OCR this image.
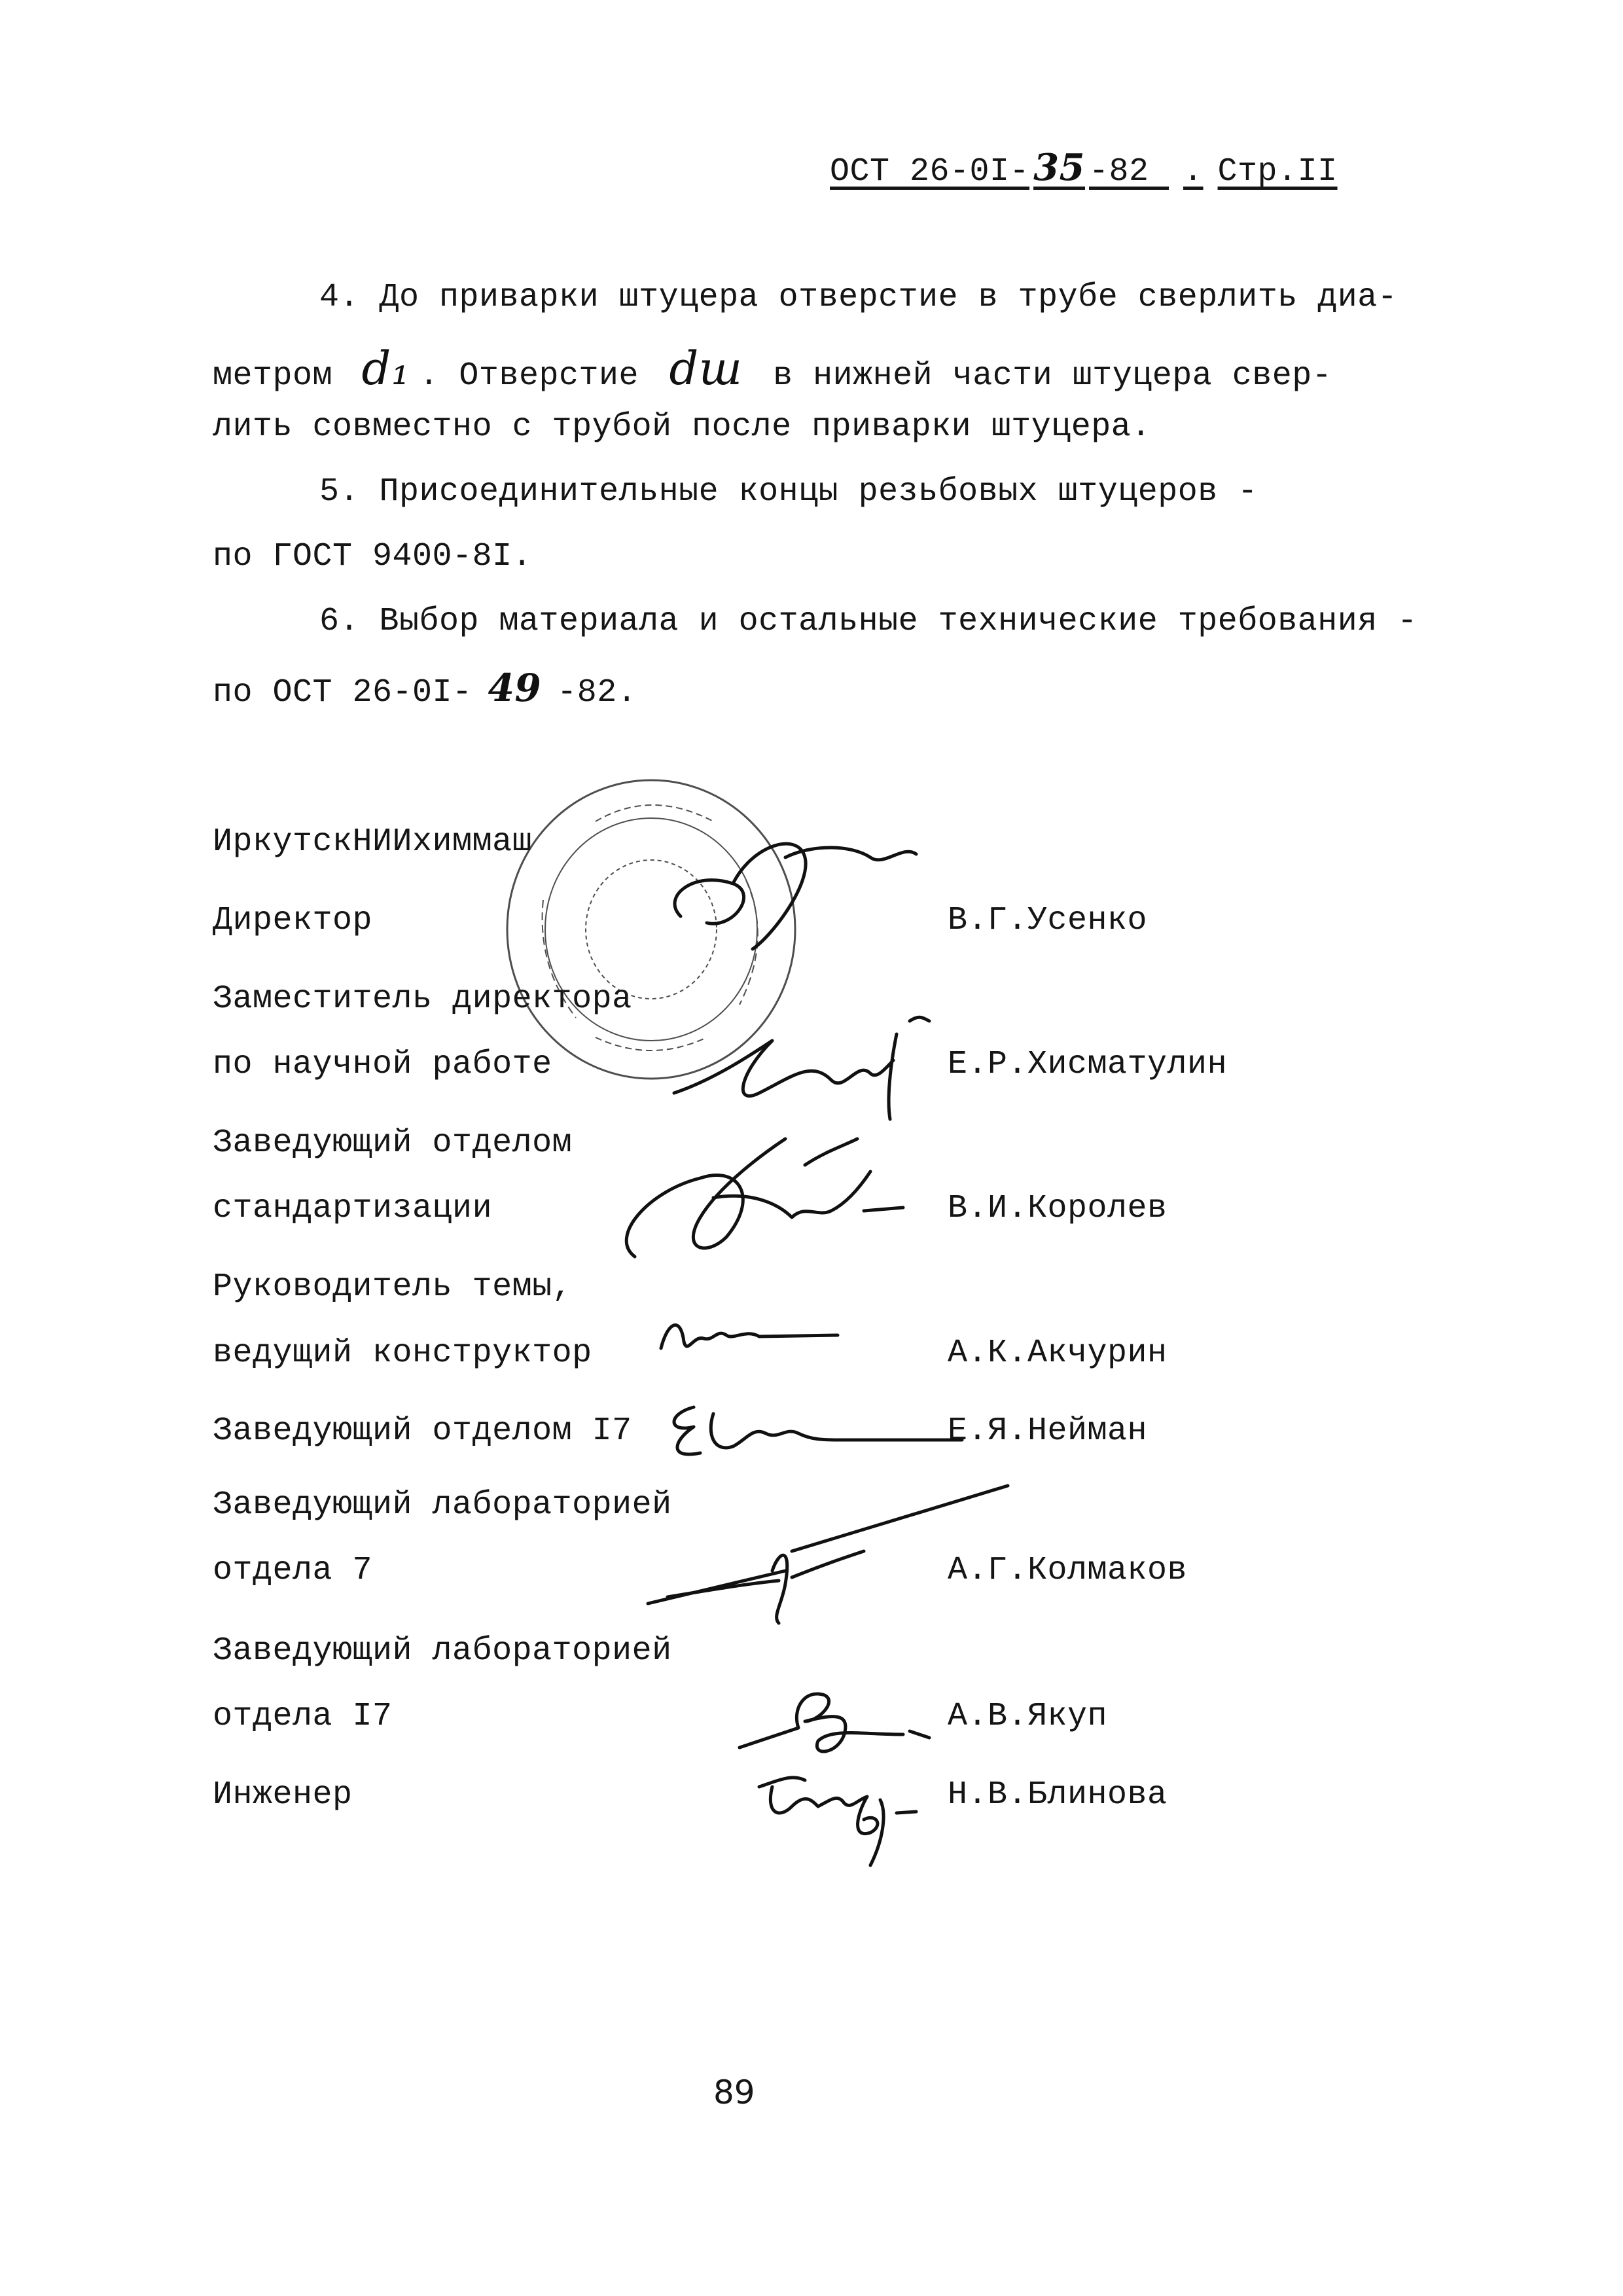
ОСТ 26-0I- 35 -82 . Стр.II
4. До приварки штуцера отверстие в трубе сверлить диа-
метром d₁ . Отверстие dш в нижней части штуцера свер-
лить совместно с трубой после приварки штуцера.
5. Присоединительные концы резьбовых штуцеров -
по ГОСТ 9400-8I.
6. Выбор материала и остальные технические требования -
по ОСТ 26-0I- 49 -82.
ИркутскНИИхиммаш
Директор
Заместитель директора
по научной работе
Заведующий отделом
стандартизации
Руководитель темы,
ведущий конструктор
Заведующий отделом I7
Заведующий лабораторией
отдела 7
Заведующий лабораторией
отдела I7
Инженер
В.Г.Усенко
Е.Р.Хисматулин
В.И.Королев
А.К.Акчурин
Е.Я.Нейман
А.Г.Колмаков
А.В.Якуп
Н.В.Блинова
89
